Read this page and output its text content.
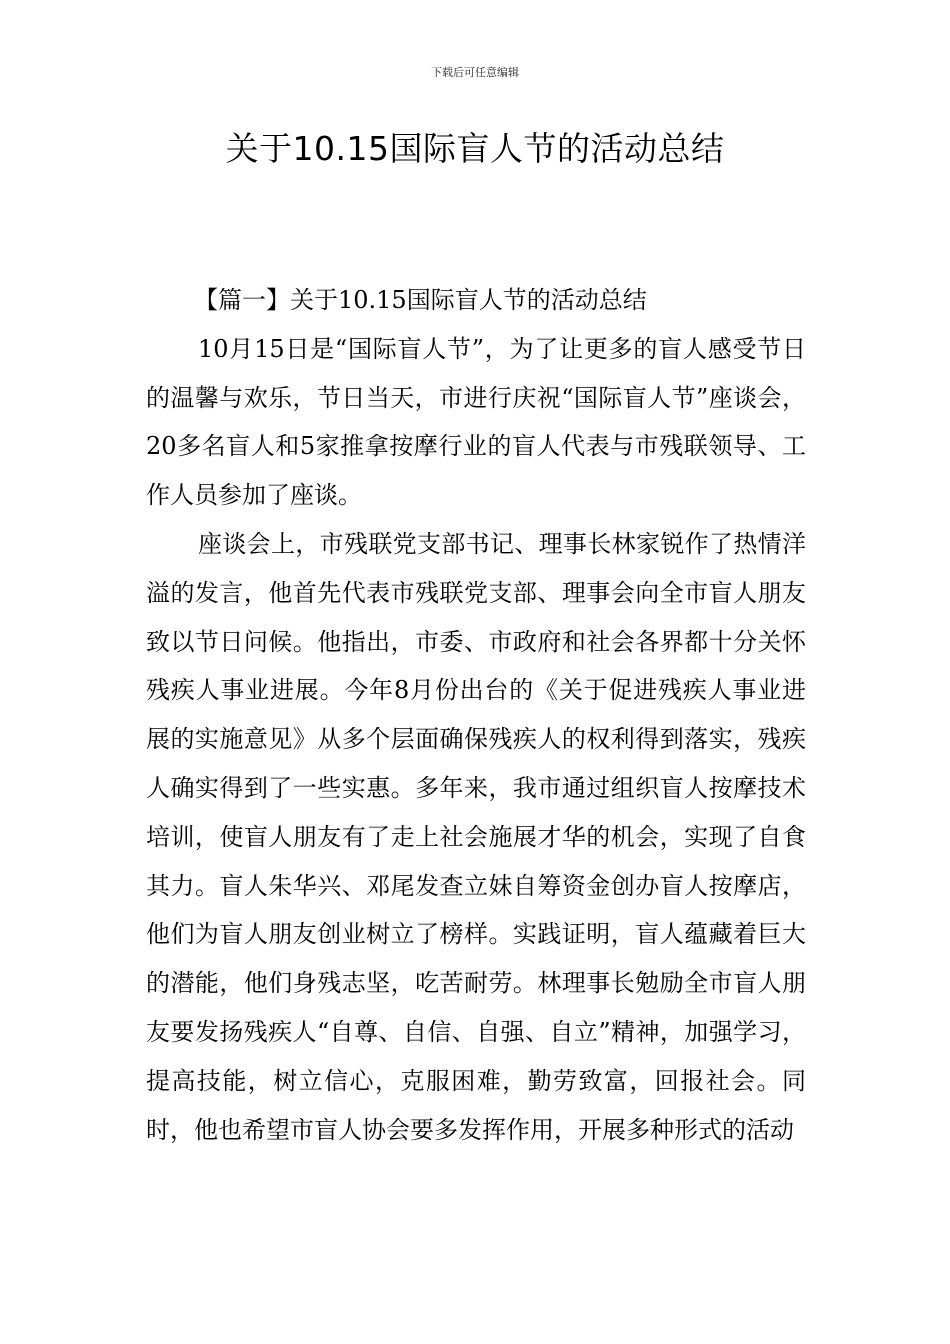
下载后可任意编辑
关于10.15国际盲人节的活动总结

【篇一】关于10.15国际盲人节的活动总结

10月15日是“国际盲人节”，为了让更多的盲人感受节日的温馨与欢乐，节日当天，市进行庆祝“国际盲人节”座谈会，20多名盲人和5家推拿按摩行业的盲人代表与市残联领导、工作人员参加了座谈。

座谈会上，市残联党支部书记、理事长林家锐作了热情洋溢的发言，他首先代表市残联党支部、理事会向全市盲人朋友致以节日问候。他指出，市委、市政府和社会各界都十分关怀残疾人事业进展。今年8月份出台的《关于促进残疾人事业进展的实施意见》从多个层面确保残疾人的权利得到落实，残疾人确实得到了一些实惠。多年来，我市通过组织盲人按摩技术培训，使盲人朋友有了走上社会施展才华的机会，实现了自食其力。盲人朱华兴、邓尾发查立妹自筹资金创办盲人按摩店，他们为盲人朋友创业树立了榜样。实践证明，盲人蕴藏着巨大的潜能，他们身残志坚，吃苦耐劳。林理事长勉励全市盲人朋友要发扬残疾人“自尊、自信、自强、自立”精神，加强学习，提高技能，树立信心，克服困难，勤劳致富，回报社会。同时，他也希望市盲人协会要多发挥作用，开展多种形式的活动
